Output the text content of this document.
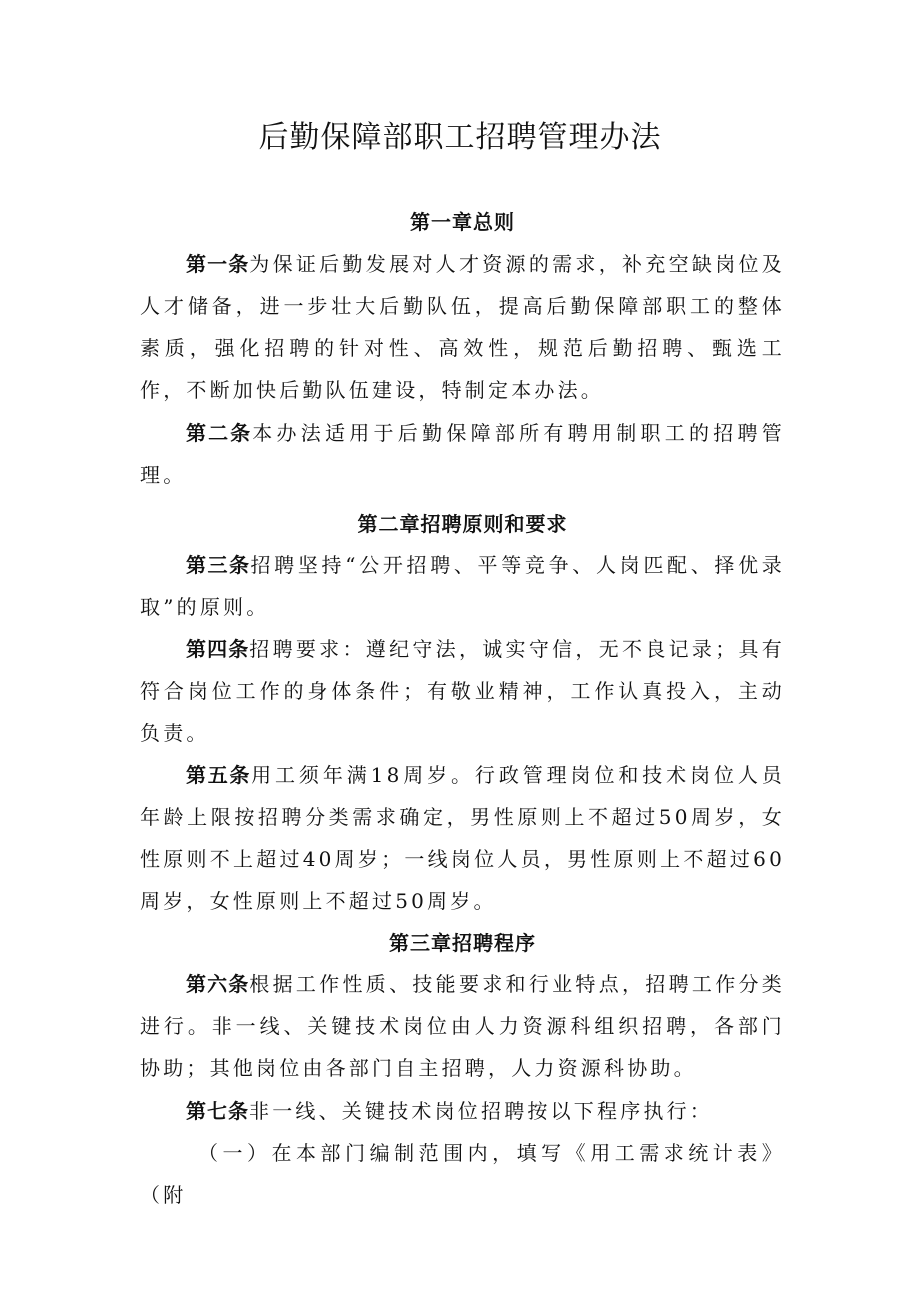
后勤保障部职工招聘管理办法
第一章总则

第一条为保证后勤发展对人才资源的需求，补充空缺岗位及人才储备，进一步壮大后勤队伍，提高后勤保障部职工的整体素质，强化招聘的针对性、高效性，规范后勤招聘、甄选工作，不断加快后勤队伍建设，特制定本办法。

第二条本办法适用于后勤保障部所有聘用制职工的招聘管理。

第二章招聘原则和要求

第三条招聘坚持“公开招聘、平等竞争、人岗匹配、择优录取”的原则。

第四条招聘要求：遵纪守法，诚实守信，无不良记录；具有符合岗位工作的身体条件；有敬业精神，工作认真投入，主动负责。

第五条用工须年满18周岁。行政管理岗位和技术岗位人员年龄上限按招聘分类需求确定，男性原则上不超过50周岁，女性原则不上超过40周岁；一线岗位人员，男性原则上不超过60周岁，女性原则上不超过50周岁。

第三章招聘程序

第六条根据工作性质、技能要求和行业特点，招聘工作分类进行。非一线、关键技术岗位由人力资源科组织招聘，各部门协助；其他岗位由各部门自主招聘，人力资源科协助。

第七条非一线、关键技术岗位招聘按以下程序执行：

（一）在本部门编制范围内，填写《用工需求统计表》（附
